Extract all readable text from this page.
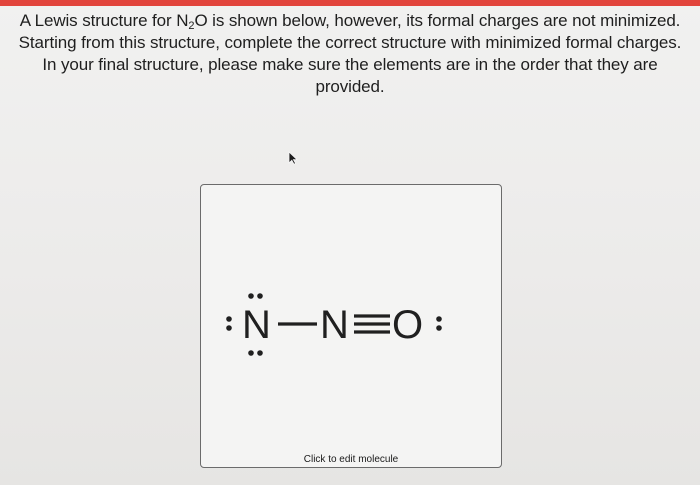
A Lewis structure for $N_2O$ is shown below, however, its formal charges are not minimized. Starting from this structure, complete the correct structure with minimized formal charges. In your final structure, please make sure the elements are in the order that they are provided.
N N O
Click to edit molecule
